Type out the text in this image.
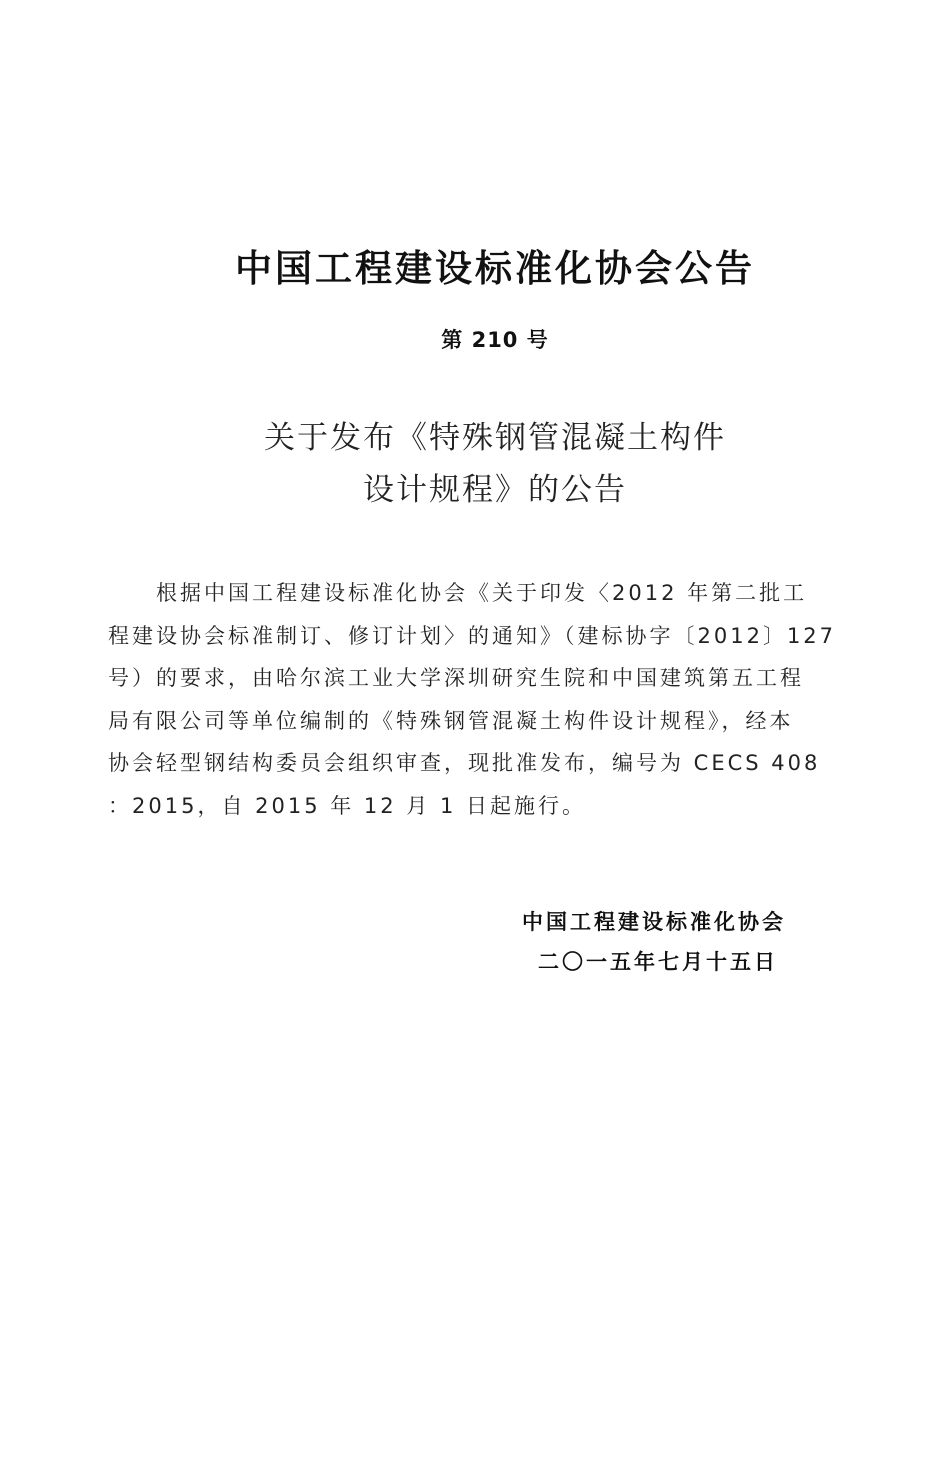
中国工程建设标准化协会公告
第 210 号
关于发布《特殊钢管混凝土构件
设计规程》的公告
根据中国工程建设标准化协会《关于印发〈2012 年第二批工
程建设协会标准制订、修订计划〉的通知》（建标协字〔2012〕127
号）的要求，由哈尔滨工业大学深圳研究生院和中国建筑第五工程
局有限公司等单位编制的《特殊钢管混凝土构件设计规程》，经本
协会轻型钢结构委员会组织审查，现批准发布，编号为 CECS 408
：2015，自 2015 年 12 月 1 日起施行。
中国工程建设标准化协会
二〇一五年七月十五日
